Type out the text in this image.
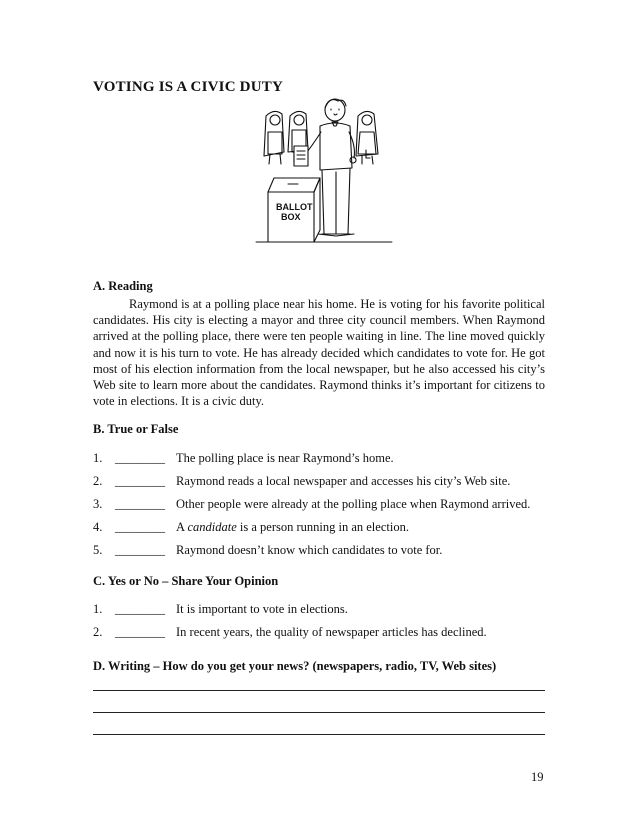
VOTING IS A CIVIC DUTY
BALLOT
BOX
A. Reading

Raymond is at a polling place near his home. He is voting for his favorite political candidates. His city is electing a mayor and three city council members. When Raymond arrived at the polling place, there were ten people waiting in line. The line moved quickly and now it is his turn to vote. He has already decided which candidates to vote for. He got most of his election information from the local newspaper, but he also accessed his city’s Web site to learn more about the candidates. Raymond thinks it’s important for citizens to vote in elections. It is a civic duty.

B. True or False
1.	________ The polling place is near Raymond’s home.
2.	________ Raymond reads a local newspaper and accesses his city’s Web site.
3.	________ Other people were already at the polling place when Raymond arrived.
4.	________ A candidate is a person running in an election.
5.	________ Raymond doesn’t know which candidates to vote for.
C. Yes or No – Share Your Opinion
1.	________ It is important to vote in elections.
2.	________ In recent years, the quality of newspaper articles has declined.
D. Writing – How do you get your news? (newspapers, radio, TV, Web sites)
19
